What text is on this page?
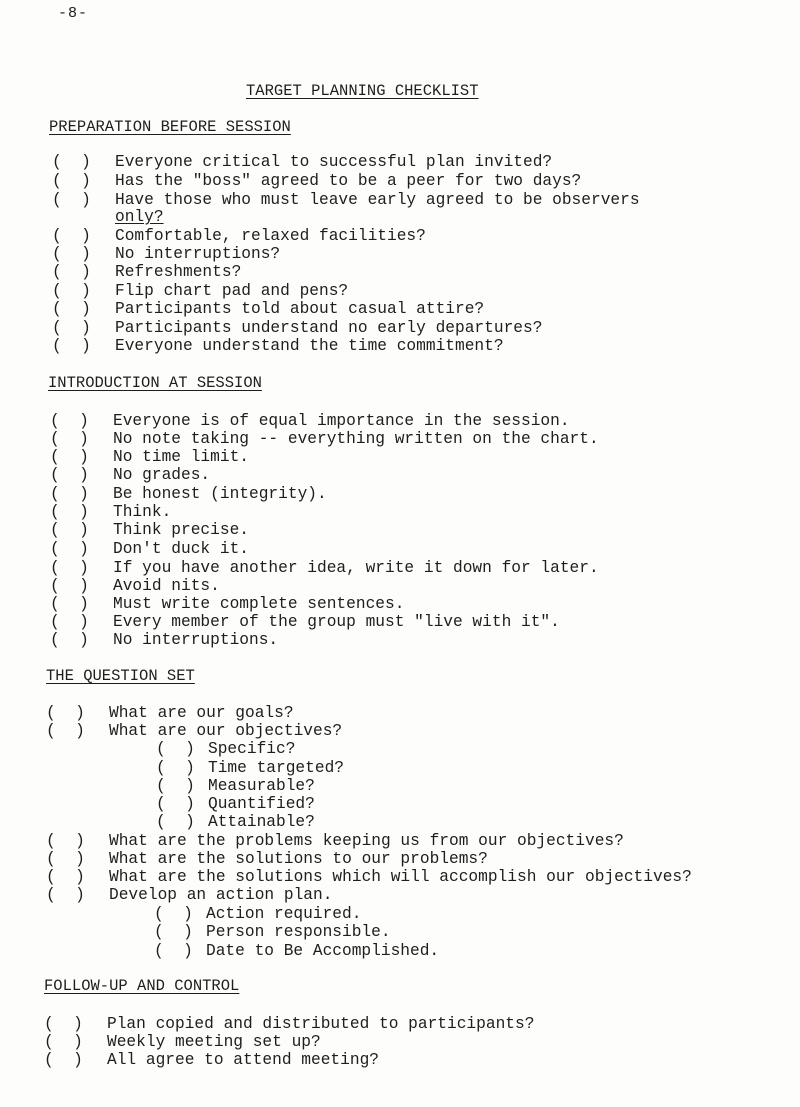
-8-
TARGET PLANNING CHECKLIST
PREPARATION BEFORE SESSION
(  ) Everyone critical to successful plan invited?
(  ) Has the "boss" agreed to be a peer for two days?
(  ) Have those who must leave early agreed to be observers
only?
(  ) Comfortable, relaxed facilities?
(  ) No interruptions?
(  ) Refreshments?
(  ) Flip chart pad and pens?
(  ) Participants told about casual attire?
(  ) Participants understand no early departures?
(  ) Everyone understand the time commitment?
INTRODUCTION AT SESSION
(  ) Everyone is of equal importance in the session.
(  ) No note taking -- everything written on the chart.
(  ) No time limit.
(  ) No grades.
(  ) Be honest (integrity).
(  ) Think.
(  ) Think precise.
(  ) Don't duck it.
(  ) If you have another idea, write it down for later.
(  ) Avoid nits.
(  ) Must write complete sentences.
(  ) Every member of the group must "live with it".
(  ) No interruptions.
THE QUESTION SET
(  ) What are our goals?
(  ) What are our objectives?
(  ) Specific?
(  ) Time targeted?
(  ) Measurable?
(  ) Quantified?
(  ) Attainable?
(  ) What are the problems keeping us from our objectives?
(  ) What are the solutions to our problems?
(  ) What are the solutions which will accomplish our objectives?
(  ) Develop an action plan.
(  ) Action required.
(  ) Person responsible.
(  ) Date to Be Accomplished.
FOLLOW-UP AND CONTROL
(  ) Plan copied and distributed to participants?
(  ) Weekly meeting set up?
(  ) All agree to attend meeting?
